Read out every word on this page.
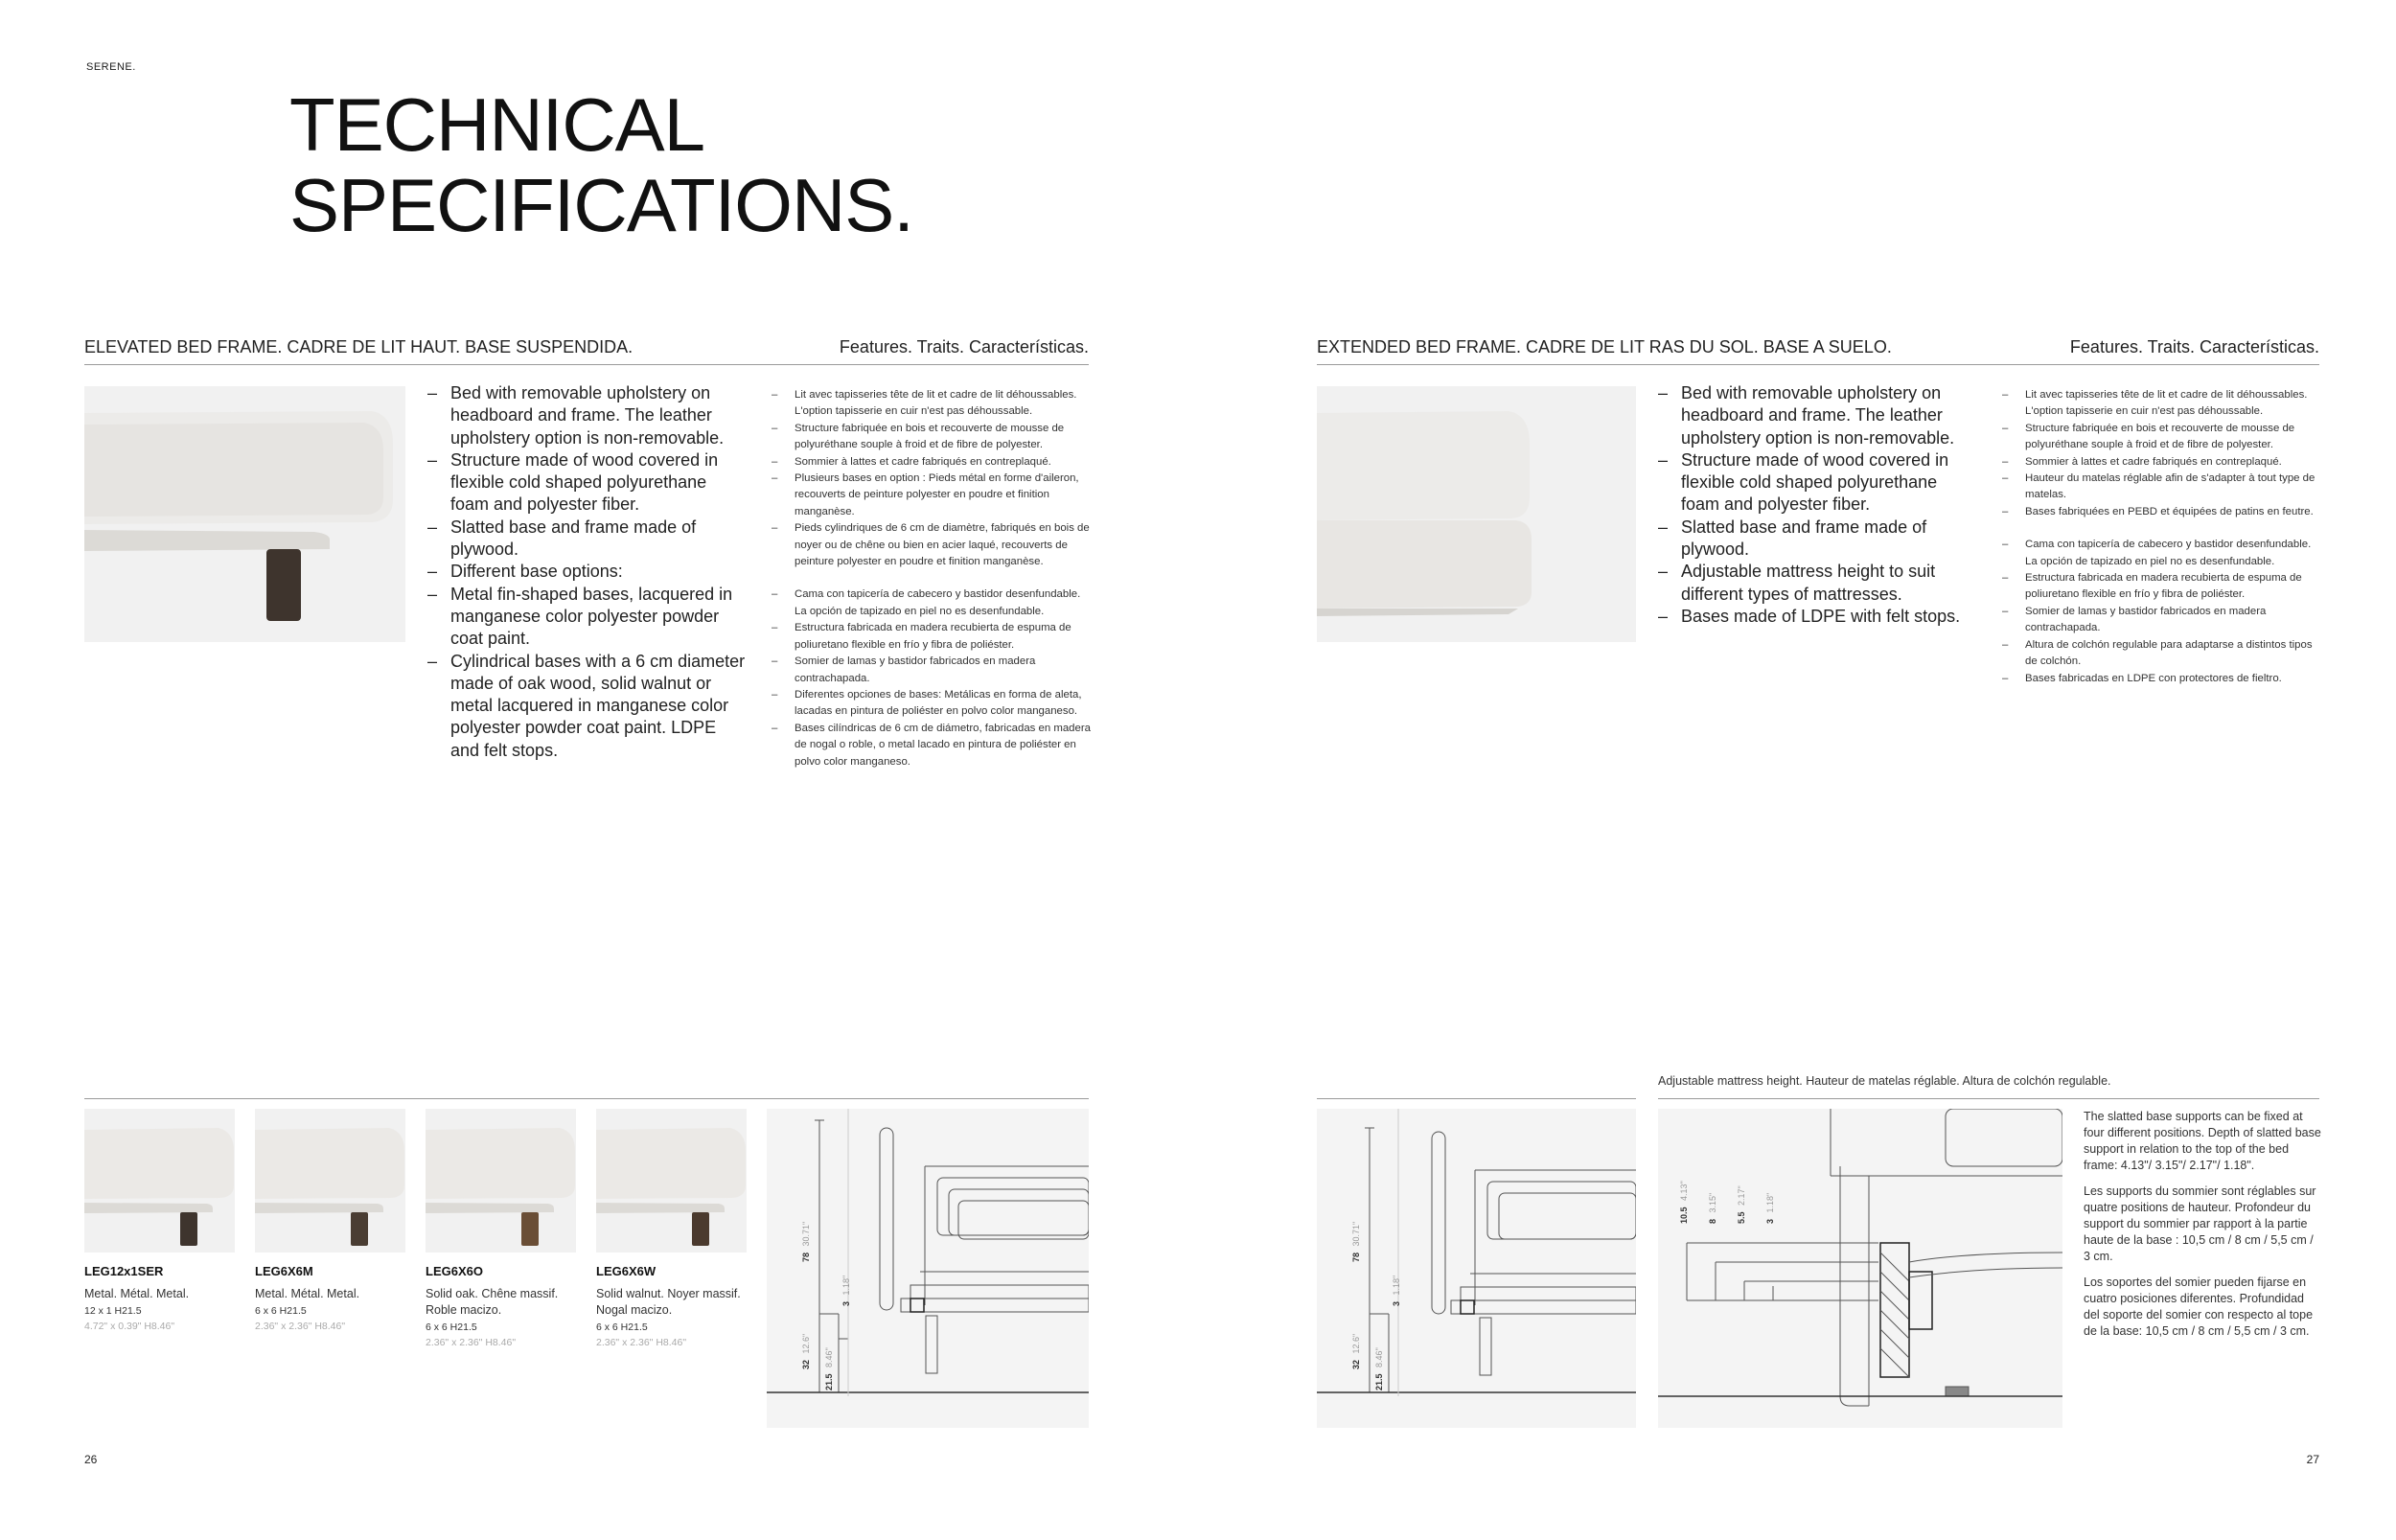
SERENE.
TECHNICAL
SPECIFICATIONS.
ELEVATED BED FRAME. CADRE DE LIT HAUT. BASE SUSPENDIDA.	Features. Traits. Características.
– Bed with removable upholstery on headboard and frame. The leather upholstery option is non-removable.
– Structure made of wood covered in flexible cold shaped polyurethane foam and polyester fiber.
– Slatted base and frame made of plywood.
– Different base options:
– Metal fin-shaped bases, lacquered in manganese color polyester powder coat paint.
– Cylindrical bases with a 6 cm diameter made of oak wood, solid walnut or metal lacquered in manganese color polyester powder coat paint. LDPE and felt stops.
– Lit avec tapisseries tête de lit et cadre de lit déhoussables. L'option tapisserie en cuir n'est pas déhoussable.
– Structure fabriquée en bois et recouverte de mousse de polyuréthane souple à froid et de fibre de polyester.
– Sommier à lattes et cadre fabriqués en contreplaqué.
– Plusieurs bases en option : Pieds métal en forme d'aileron, recouverts de peinture polyester en poudre et finition manganèse.
– Pieds cylindriques de 6 cm de diamètre, fabriqués en bois de noyer ou de chêne ou bien en acier laqué, recouverts de peinture polyester en poudre et finition manganèse.
– Cama con tapicería de cabecero y bastidor desenfundable. La opción de tapizado en piel no es desenfundable.
– Estructura fabricada en madera recubierta de espuma de poliuretano flexible en frío y fibra de poliéster.
– Somier de lamas y bastidor fabricados en madera contrachapada.
– Diferentes opciones de bases: Metálicas en forma de aleta, lacadas en pintura de poliéster en polvo color manganeso.
– Bases cilíndricas de 6 cm de diámetro, fabricadas en madera de nogal o roble, o metal lacado en pintura de poliéster en polvo color manganeso.
LEG12x1SER
Metal. Métal. Metal.
12 x 1 H21.5
4.72" x 0.39" H8.46"
LEG6X6M
Metal. Métal. Metal.
6 x 6 H21.5
2.36" x 2.36" H8.46"
LEG6X6O
Solid oak. Chêne massif. Roble macizo.
6 x 6 H21.5
2.36" x 2.36" H8.46"
LEG6X6W
Solid walnut. Noyer massif. Nogal macizo.
6 x 6 H21.5
2.36" x 2.36" H8.46"
78 30.71"
32 12.6"
21.5 8.46"
3 1.18"
26
EXTENDED BED FRAME. CADRE DE LIT RAS DU SOL. BASE A SUELO.	Features. Traits. Características.
– Bed with removable upholstery on headboard and frame. The leather upholstery option is non-removable.
– Structure made of wood covered in flexible cold shaped polyurethane foam and polyester fiber.
– Slatted base and frame made of plywood.
– Adjustable mattress height to suit different types of mattresses.
– Bases made of LDPE with felt stops.
– Lit avec tapisseries tête de lit et cadre de lit déhoussables. L'option tapisserie en cuir n'est pas déhoussable.
– Structure fabriquée en bois et recouverte de mousse de polyuréthane souple à froid et de fibre de polyester.
– Sommier à lattes et cadre fabriqués en contreplaqué.
– Hauteur du matelas réglable afin de s'adapter à tout type de matelas.
– Bases fabriquées en PEBD et équipées de patins en feutre.
– Cama con tapicería de cabecero y bastidor desenfundable. La opción de tapizado en piel no es desenfundable.
– Estructura fabricada en madera recubierta de espuma de poliuretano flexible en frío y fibra de poliéster.
– Somier de lamas y bastidor fabricados en madera contrachapada.
– Altura de colchón regulable para adaptarse a distintos tipos de colchón.
– Bases fabricadas en LDPE con protectores de fieltro.
Adjustable mattress height. Hauteur de matelas réglable. Altura de colchón regulable.
78 30.71"
32 12.6"
21.5 8.46"
3 1.18"
10.5 4.13"
8 3.15"
5.5 2.17"
3 1.18"
The slatted base supports can be fixed at four different positions. Depth of slatted base support in relation to the top of the bed frame: 4.13"/ 3.15"/ 2.17"/ 1.18".
Les supports du sommier sont réglables sur quatre positions de hauteur. Profondeur du support du sommier par rapport à la partie haute de la base : 10,5 cm / 8 cm / 5,5 cm / 3 cm.
Los soportes del somier pueden fijarse en cuatro posiciones diferentes. Profundidad del soporte del somier con respecto al tope de la base: 10,5 cm / 8 cm / 5,5 cm / 3 cm.
27
